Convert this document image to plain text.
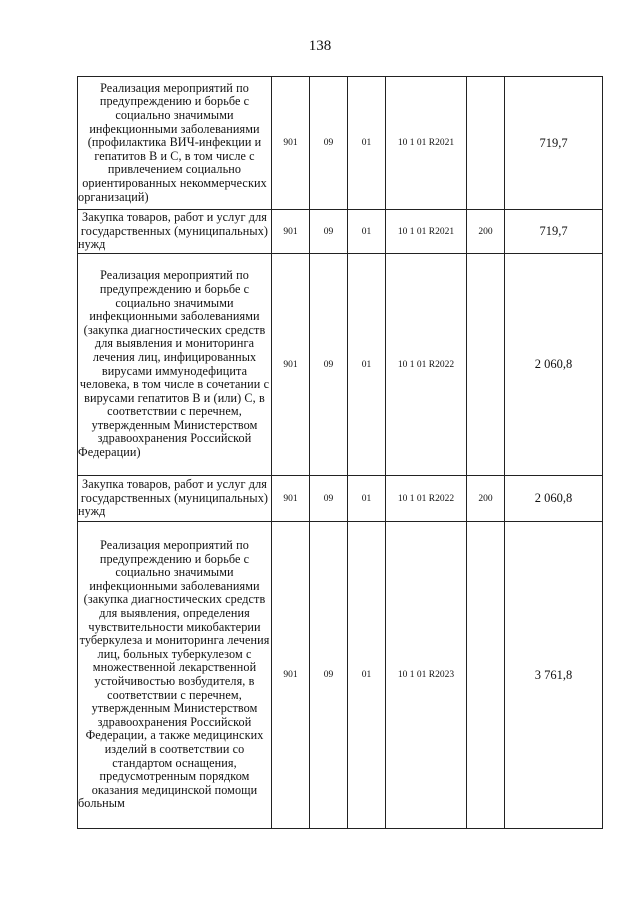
138
Реализация мероприятий по предупреждению и борьбе с социально значимыми инфекционными заболеваниями (профилактика ВИЧ-инфекции и гепатитов В и С, в том числе с привлечением социально ориентированных некоммерческих организаций)	901	09	01	10 1 01 R2021		719,7
Закупка товаров, работ и услуг для государственных (муниципальных) нужд	901	09	01	10 1 01 R2021	200	719,7
Реализация мероприятий по предупреждению и борьбе с социально значимыми инфекционными заболеваниями (закупка диагностических средств для выявления и мониторинга лечения лиц, инфицированных вирусами иммунодефицита человека, в том числе в сочетании с вирусами гепатитов В и (или) С, в соответствии с перечнем, утвержденным Министерством здравоохранения Российской Федерации)	901	09	01	10 1 01 R2022		2 060,8
Закупка товаров, работ и услуг для государственных (муниципальных) нужд	901	09	01	10 1 01 R2022	200	2 060,8
Реализация мероприятий по предупреждению и борьбе с социально значимыми инфекционными заболеваниями (закупка диагностических средств для выявления, определения чувствительности микобактерии туберкулеза и мониторинга лечения лиц, больных туберкулезом с множественной лекарственной устойчивостью возбудителя, в соответствии с перечнем, утвержденным Министерством здравоохранения Российской Федерации, а также медицинских изделий в соответствии со стандартом оснащения, предусмотренным порядком оказания медицинской помощи больным	901	09	01	10 1 01 R2023		3 761,8
